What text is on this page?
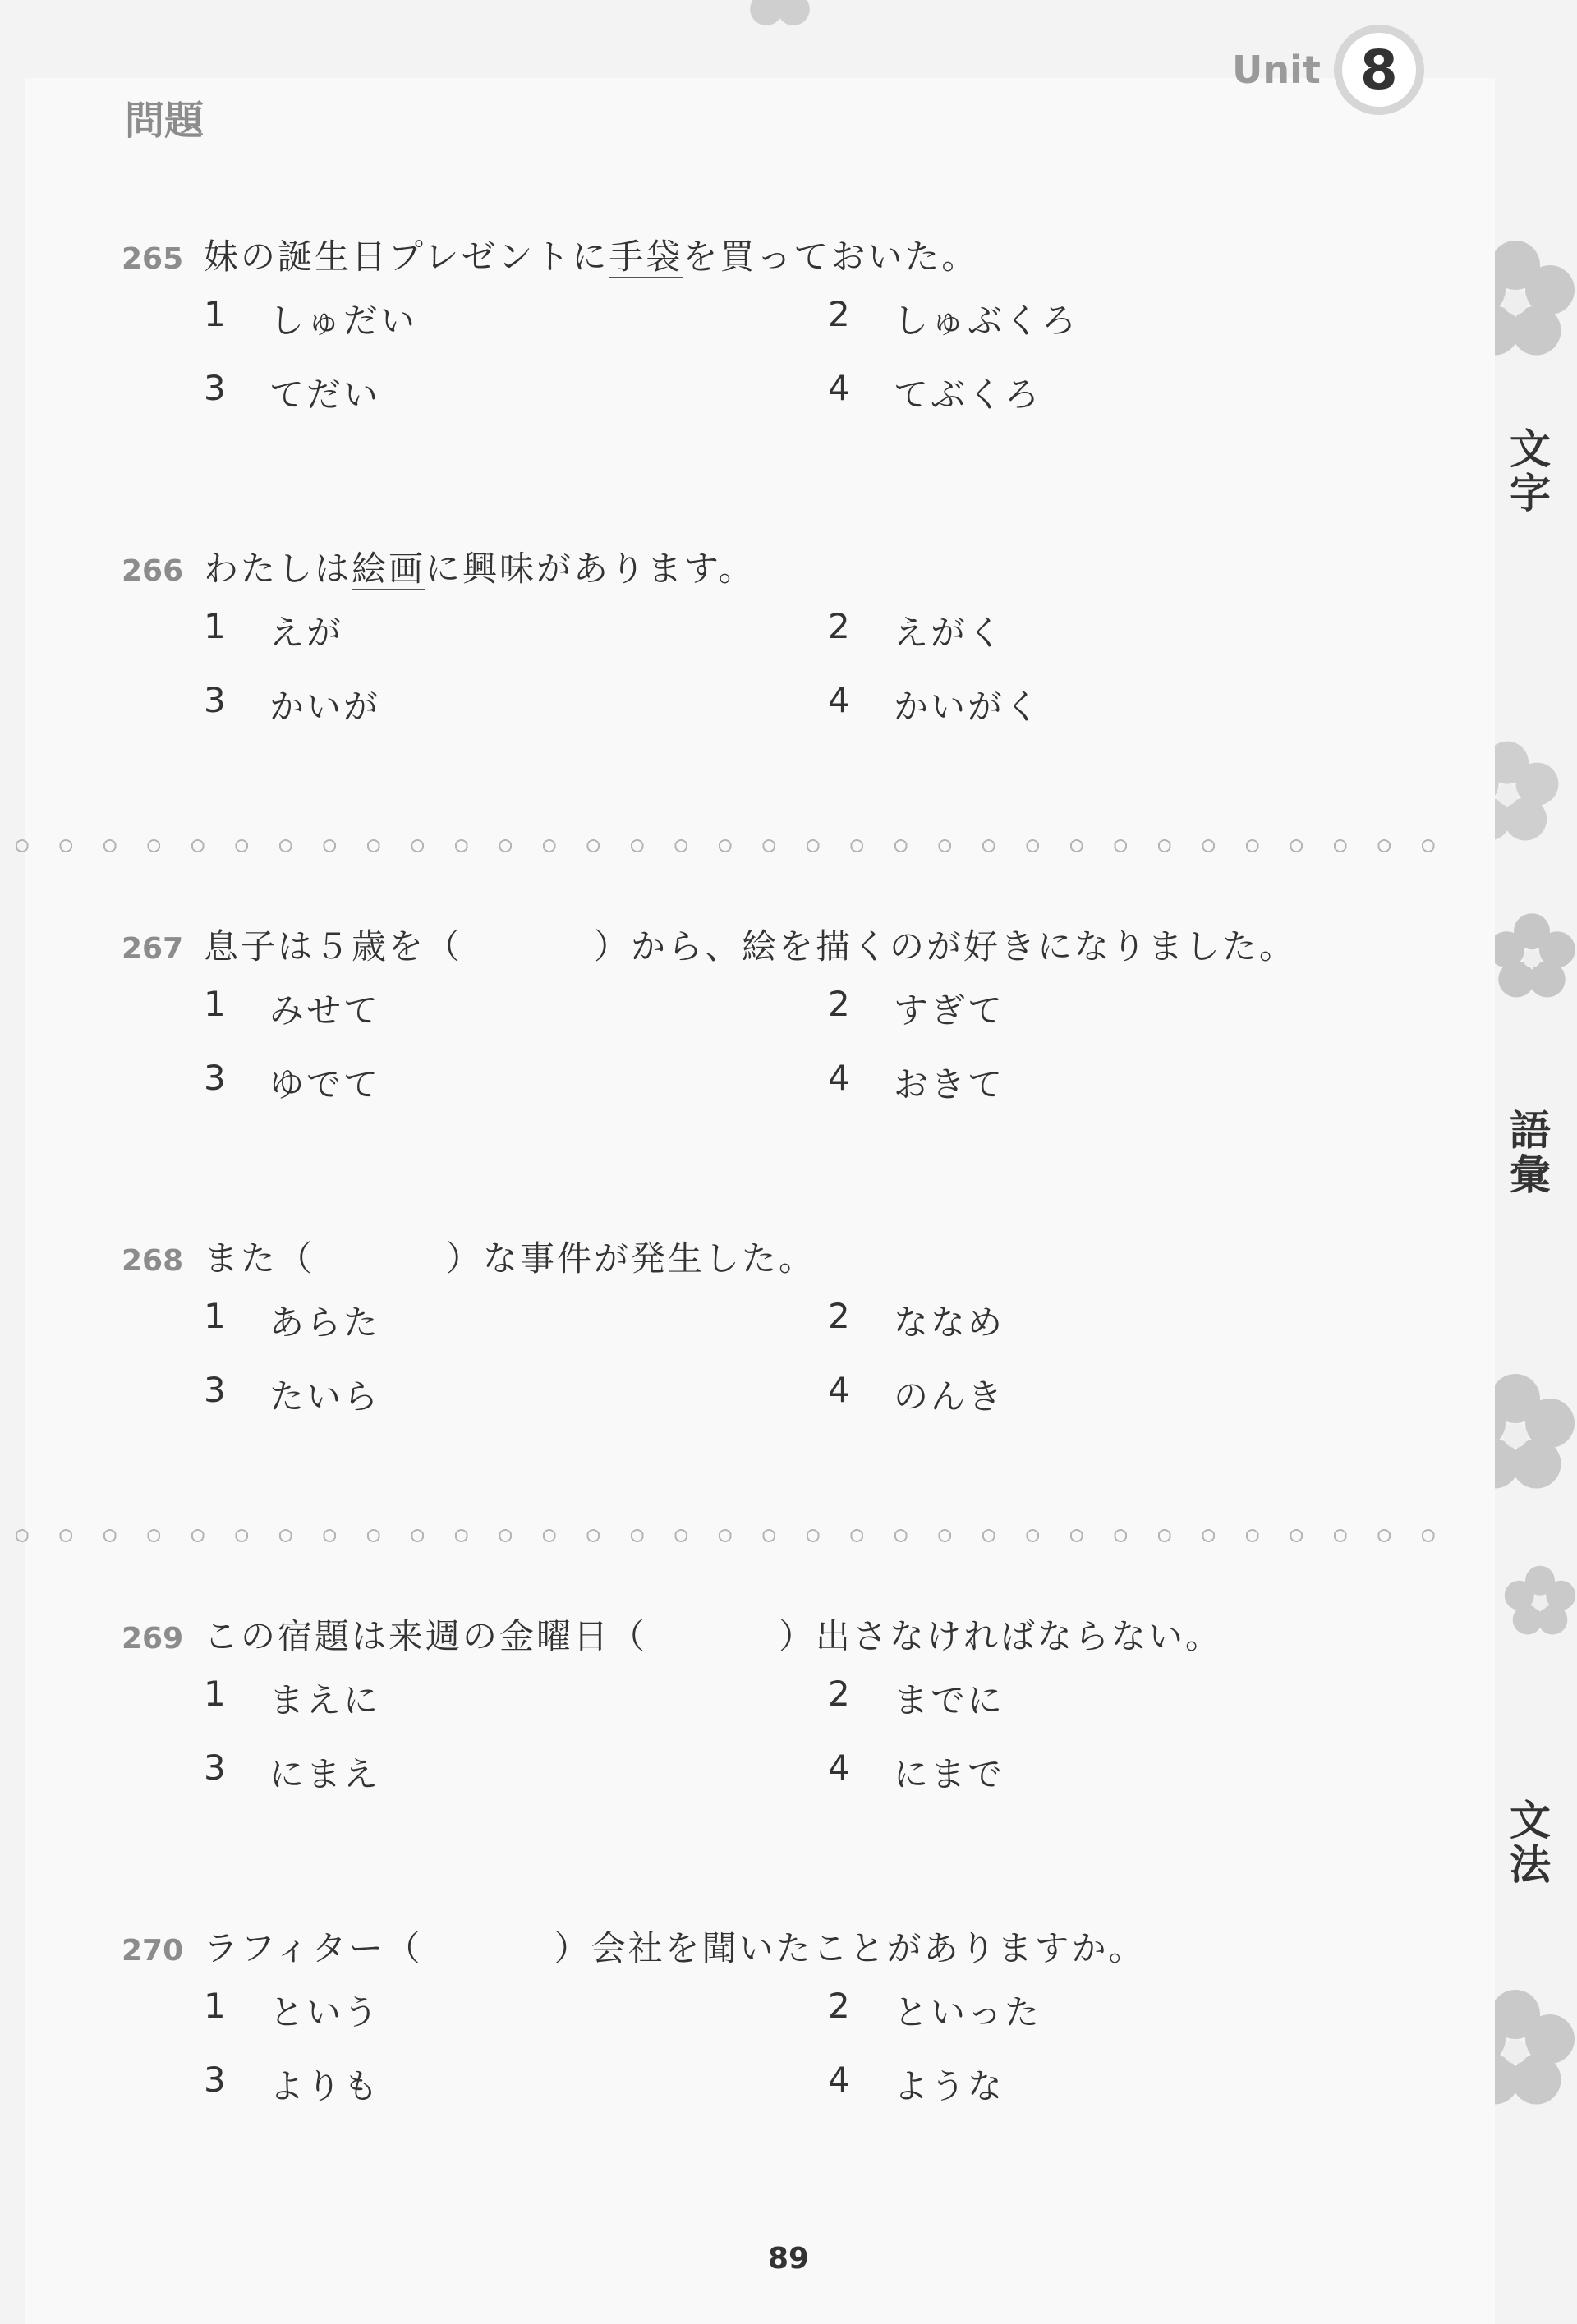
Unit 8
問題
265 妹の誕生日プレゼントに手袋を買っておいた。
1	しゅだい	2	しゅぶくろ
3	てだい	4	てぶくろ
266 わたしは絵画に興味があります。
1	えが	2	えがく
3	かいが	4	かいがく
267 息子は５歳を（	）から、絵を描くのが好きになりました。
1	みせて	2	すぎて
3	ゆでて	4	おきて
268 また（	）な事件が発生した。
1	あらた	2	ななめ
3	たいら	4	のんき
269 この宿題は来週の金曜日（	）出さなければならない。
1	まえに	2	までに
3	にまえ	4	にまで
270 ラフィター（	）会社を聞いたことがありますか。
1	という	2	といった
3	よりも	4	ような
文字
語彙
文法
89
